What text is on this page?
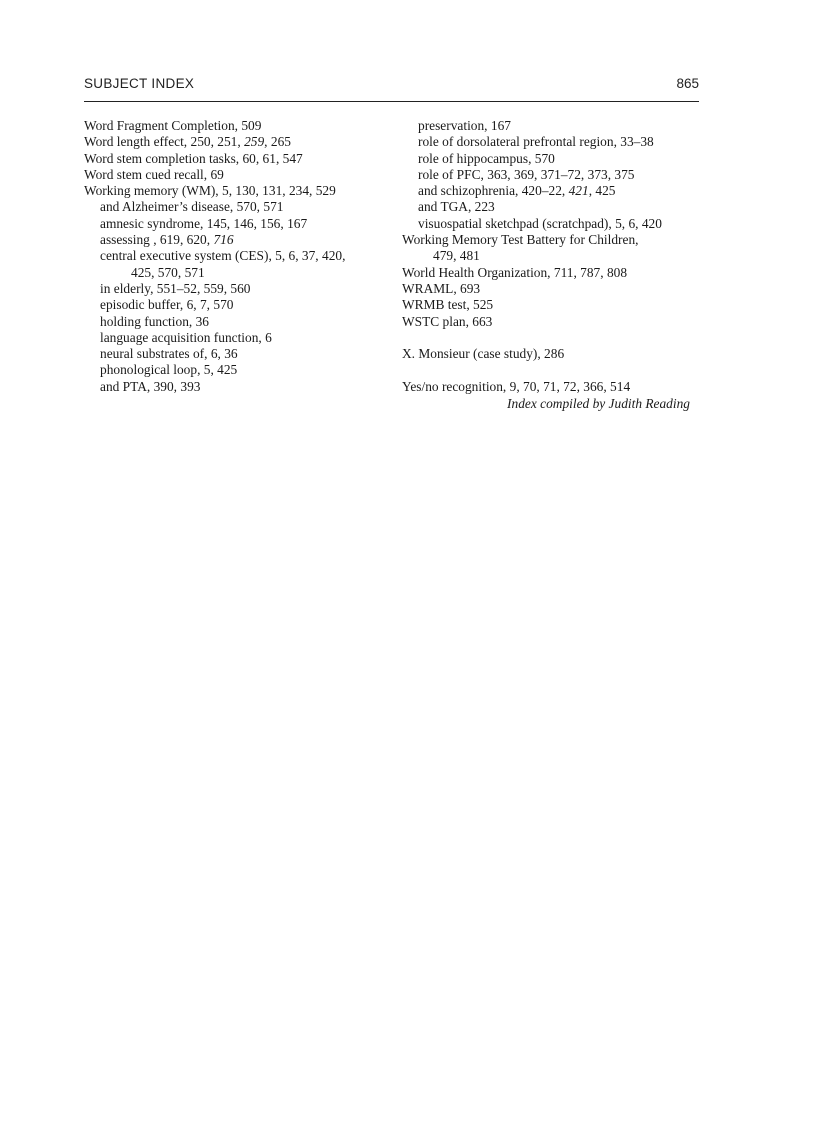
SUBJECT INDEX	865
Word Fragment Completion, 509
Word length effect, 250, 251, 259, 265
Word stem completion tasks, 60, 61, 547
Word stem cued recall, 69
Working memory (WM), 5, 130, 131, 234, 529
and Alzheimer’s disease, 570, 571
amnesic syndrome, 145, 146, 156, 167
assessing , 619, 620, 716
central executive system (CES), 5, 6, 37, 420,
425, 570, 571
in elderly, 551–52, 559, 560
episodic buffer, 6, 7, 570
holding function, 36
language acquisition function, 6
neural substrates of, 6, 36
phonological loop, 5, 425
and PTA, 390, 393
preservation, 167
role of dorsolateral prefrontal region, 33–38
role of hippocampus, 570
role of PFC, 363, 369, 371–72, 373, 375
and schizophrenia, 420–22, 421, 425
and TGA, 223
visuospatial sketchpad (scratchpad), 5, 6, 420
Working Memory Test Battery for Children,
479, 481
World Health Organization, 711, 787, 808
WRAML, 693
WRMB test, 525
WSTC plan, 663
X. Monsieur (case study), 286
Yes/no recognition, 9, 70, 71, 72, 366, 514
Index compiled by Judith Reading
